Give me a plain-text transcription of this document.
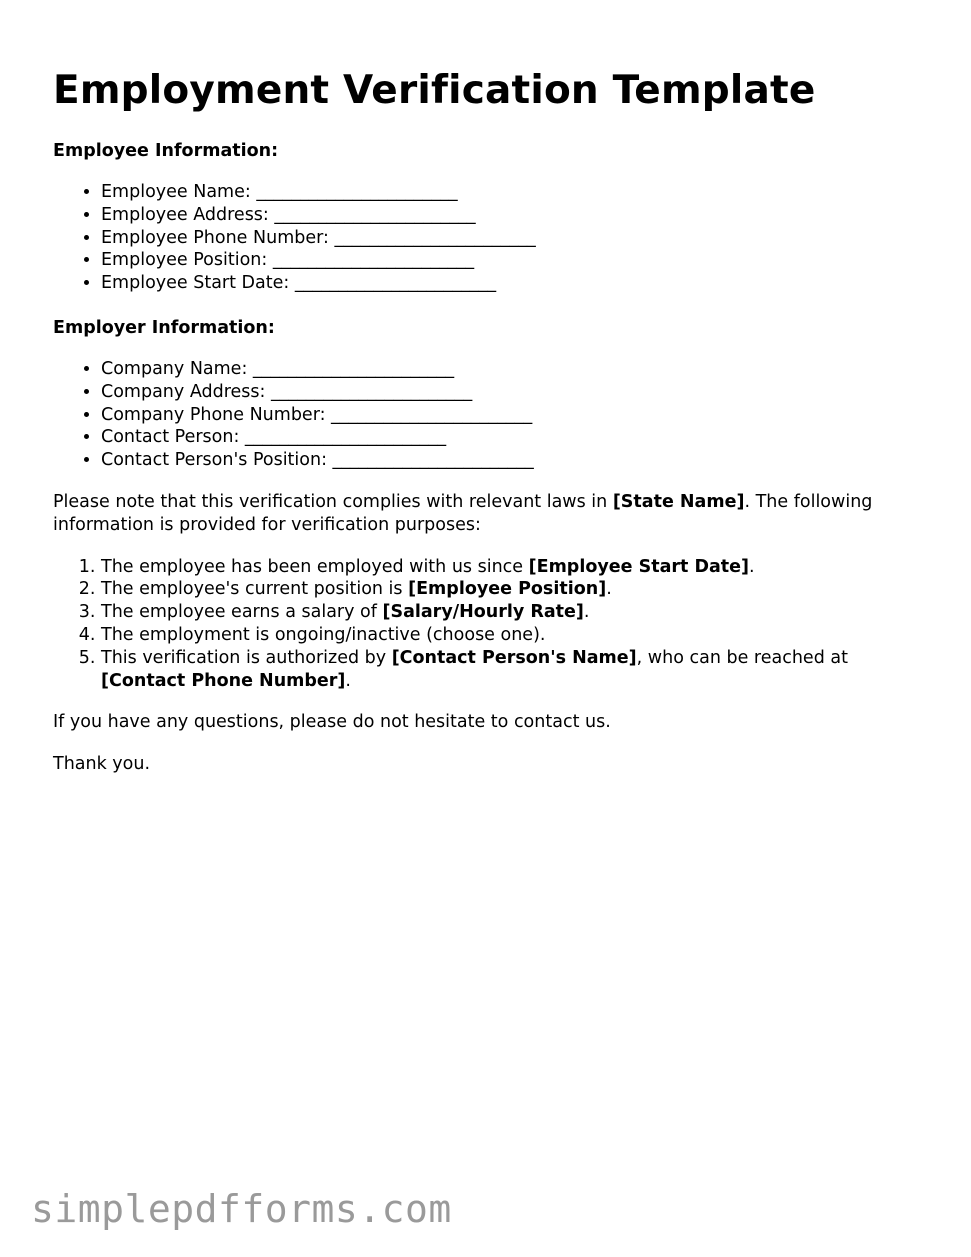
Employment Verification Template
Employee Information:
• Employee Name: _______________________
• Employee Address: _______________________
• Employee Phone Number: _______________________
• Employee Position: _______________________
• Employee Start Date: _______________________
Employer Information:
• Company Name: _______________________
• Company Address: _______________________
• Company Phone Number: _______________________
• Contact Person: _______________________
• Contact Person's Position: _______________________

Please note that this verification complies with relevant laws in [State Name]. The following information is provided for verification purposes:

1. The employee has been employed with us since [Employee Start Date].
2. The employee's current position is [Employee Position].
3. The employee earns a salary of [Salary/Hourly Rate].
4. The employment is ongoing/inactive (choose one).
5. This verification is authorized by [Contact Person's Name], who can be reached at [Contact Phone Number].

If you have any questions, please do not hesitate to contact us.

Thank you.

simplepdfforms.com
